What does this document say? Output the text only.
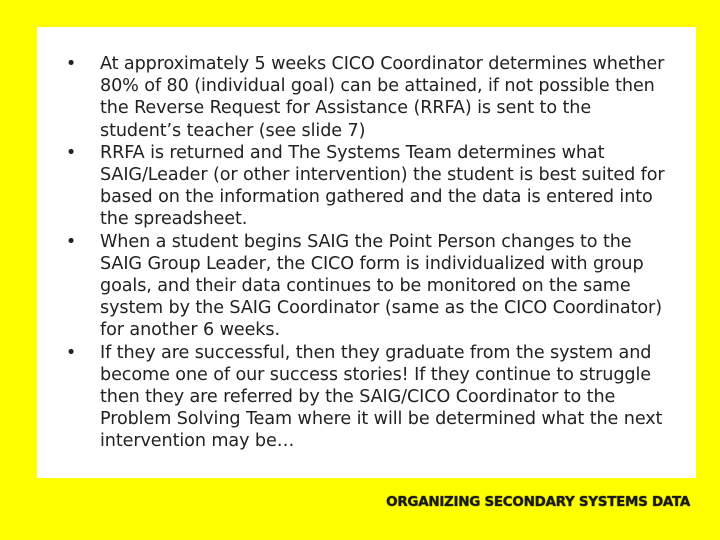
• At approximately 5 weeks CICO Coordinator determines whether 80% of 80 (individual goal) can be attained, if not possible then the Reverse Request for Assistance (RRFA) is sent to the student’s teacher (see slide 7)
• RRFA is returned and The Systems Team determines what SAIG/Leader (or other intervention) the student is best suited for based on the information gathered and the data is entered into the spreadsheet.
• When a student begins SAIG the Point Person changes to the SAIG Group Leader, the CICO form is individualized with group goals, and their data continues to be monitored on the same system by the SAIG Coordinator (same as the CICO Coordinator) for another 6 weeks.
• If they are successful, then they graduate from the system and become one of our success stories! If they continue to struggle then they are referred by the SAIG/CICO Coordinator to the Problem Solving Team where it will be determined what the next intervention may be…
ORGANIZING SECONDARY SYSTEMS DATA
